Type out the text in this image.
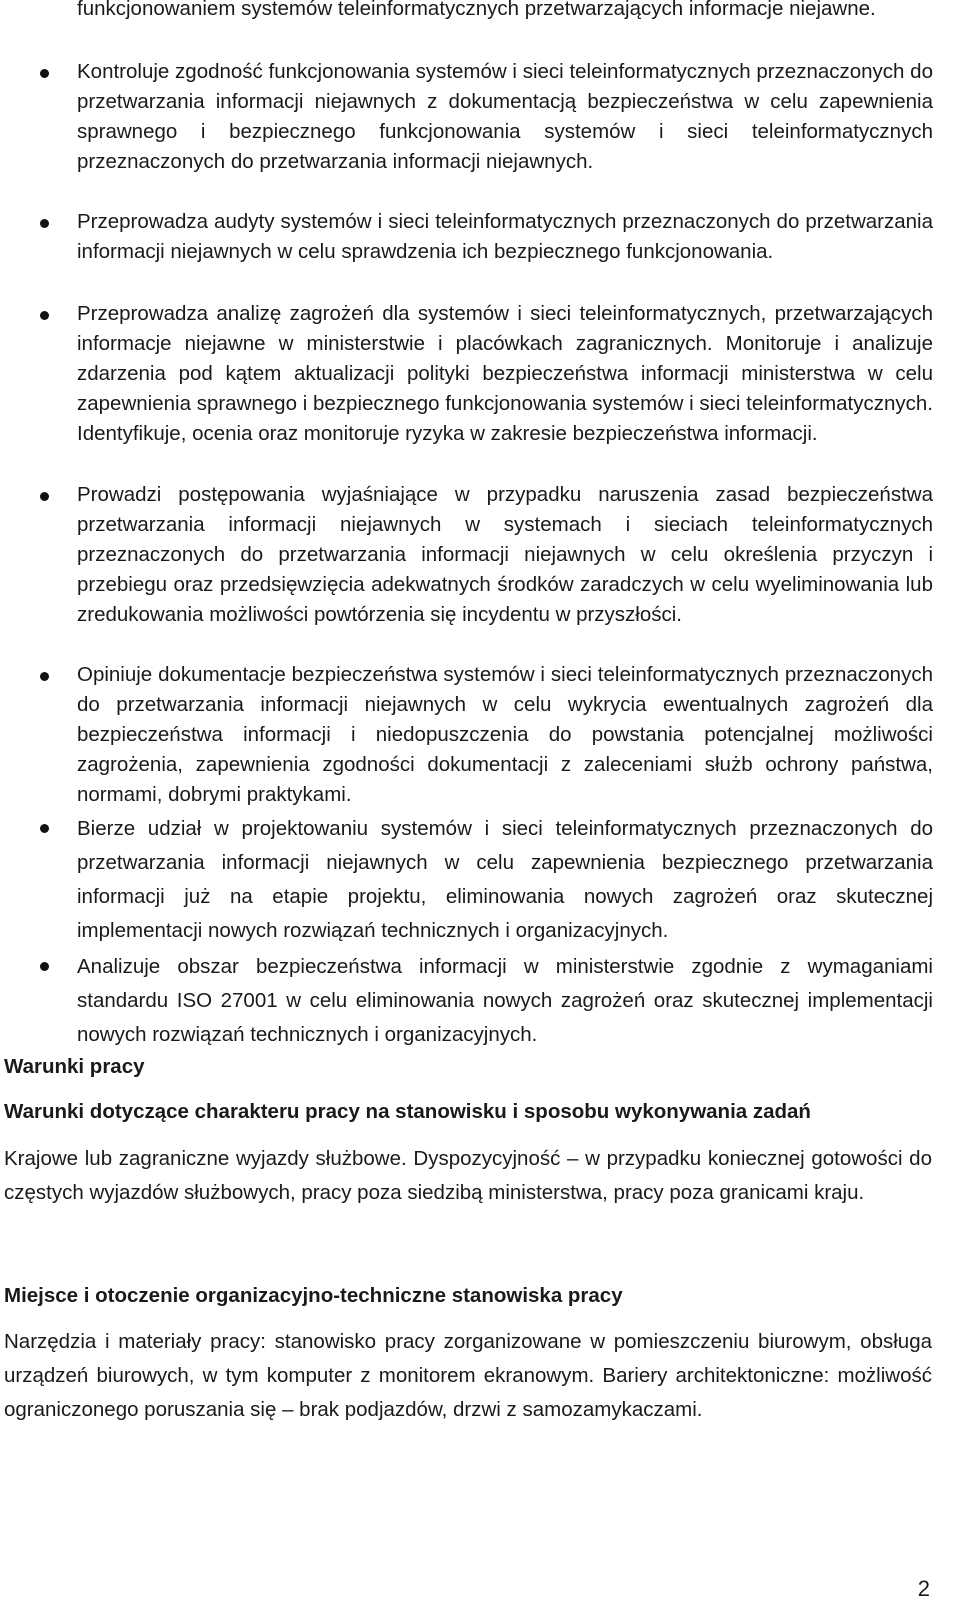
funkcjonowaniem systemów teleinformatycznych przetwarzających informacje niejawne.

Kontroluje zgodność funkcjonowania systemów i sieci teleinformatycznych przeznaczonych do przetwarzania informacji niejawnych z dokumentacją bezpieczeństwa w celu zapewnienia sprawnego i bezpiecznego funkcjonowania systemów i sieci teleinformatycznych przeznaczonych do przetwarzania informacji niejawnych.
Przeprowadza audyty systemów i sieci teleinformatycznych przeznaczonych do przetwarzania informacji niejawnych w celu sprawdzenia ich bezpiecznego funkcjonowania.
Przeprowadza analizę zagrożeń dla systemów i sieci teleinformatycznych, przetwarzających informacje niejawne w ministerstwie i placówkach zagranicznych. Monitoruje i analizuje zdarzenia pod kątem aktualizacji polityki bezpieczeństwa informacji ministerstwa w celu zapewnienia sprawnego i bezpiecznego funkcjonowania systemów i sieci teleinformatycznych. Identyfikuje, ocenia oraz monitoruje ryzyka w zakresie bezpieczeństwa informacji.
Prowadzi postępowania wyjaśniające w przypadku naruszenia zasad bezpieczeństwa przetwarzania informacji niejawnych w systemach i sieciach teleinformatycznych przeznaczonych do przetwarzania informacji niejawnych w celu określenia przyczyn i przebiegu oraz przedsięwzięcia adekwatnych środków zaradczych w celu wyeliminowania lub zredukowania możliwości powtórzenia się incydentu w przyszłości.
Opiniuje dokumentacje bezpieczeństwa systemów i sieci teleinformatycznych przeznaczonych do przetwarzania informacji niejawnych w celu wykrycia ewentualnych zagrożeń dla bezpieczeństwa informacji i niedopuszczenia do powstania potencjalnej możliwości zagrożenia, zapewnienia zgodności dokumentacji z zaleceniami służb ochrony państwa, normami, dobrymi praktykami.
Bierze udział w projektowaniu systemów i sieci teleinformatycznych przeznaczonych do przetwarzania informacji niejawnych w celu zapewnienia bezpiecznego przetwarzania informacji już na etapie projektu, eliminowania nowych zagrożeń oraz skutecznej implementacji nowych rozwiązań technicznych i organizacyjnych.
Analizuje obszar bezpieczeństwa informacji w ministerstwie zgodnie z wymaganiami standardu ISO 27001 w celu eliminowania nowych zagrożeń oraz skutecznej implementacji nowych rozwiązań technicznych i organizacyjnych.
Warunki pracy
Warunki dotyczące charakteru pracy na stanowisku i sposobu wykonywania zadań

Krajowe lub zagraniczne wyjazdy służbowe. Dyspozycyjność – w przypadku koniecznej gotowości do częstych wyjazdów służbowych, pracy poza siedzibą ministerstwa, pracy poza granicami kraju.

Miejsce i otoczenie organizacyjno-techniczne stanowiska pracy

Narzędzia i materiały pracy: stanowisko pracy zorganizowane w pomieszczeniu biurowym, obsługa urządzeń biurowych, w tym komputer z monitorem ekranowym. Bariery architektoniczne: możliwość ograniczonego poruszania się – brak podjazdów, drzwi z samozamykaczami.

2
